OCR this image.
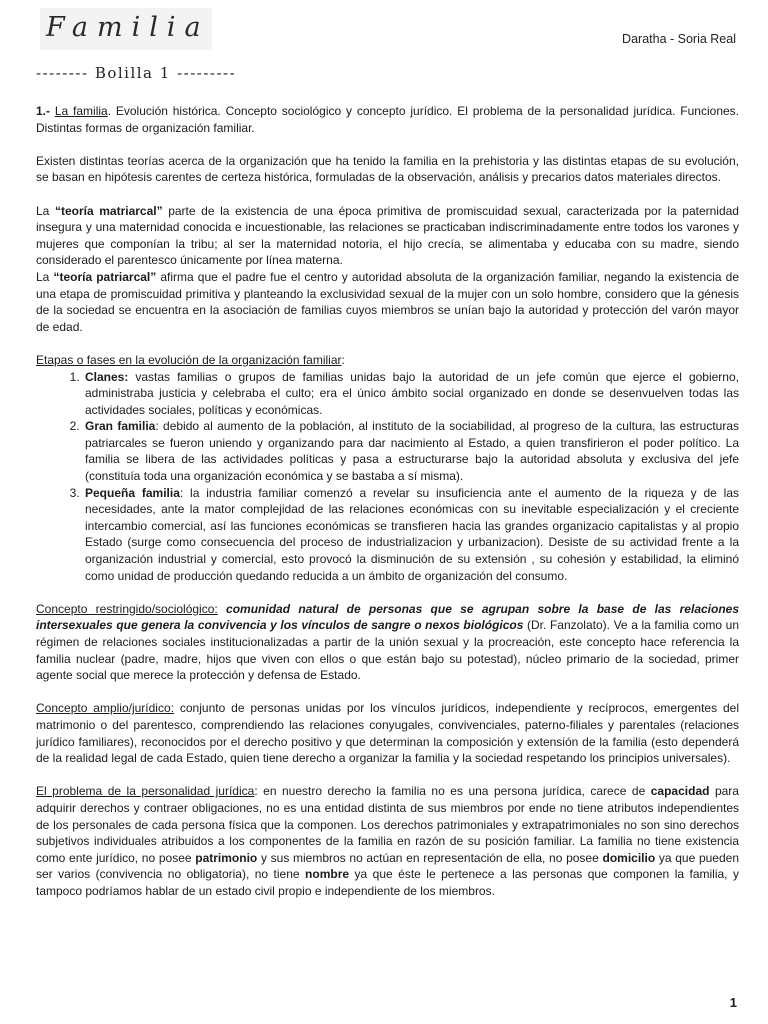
Familia	Daratha - Soria Real
-------- Bolilla 1 ---------

1.- La familia. Evolución histórica. Concepto sociológico y concepto jurídico. El problema de la personalidad jurídica. Funciones. Distintas formas de organización familiar.

Existen distintas teorías acerca de la organización que ha tenido la familia en la prehistoria y las distintas etapas de su evolución, se basan en hipótesis carentes de certeza histórica, formuladas de la observación, análisis y precarios datos materiales directos.

La “teoría matriarcal” parte de la existencia de una época primitiva de promiscuidad sexual, caracterizada por la paternidad insegura y una maternidad conocida e incuestionable, las relaciones se practicaban indiscriminadamente entre todos los varones y mujeres que componían la tribu; al ser la maternidad notoria, el hijo crecía, se alimentaba y educaba con su madre, siendo considerado el parentesco únicamente por línea materna.

La “teoría patriarcal” afirma que el padre fue el centro y autoridad absoluta de la organización familiar, negando la existencia de una etapa de promiscuidad primitiva y planteando la exclusividad sexual de la mujer con un solo hombre, considero que la génesis de la sociedad se encuentra en la asociación de familias cuyos miembros se unían bajo la autoridad y protección del varón mayor de edad.

Etapas o fases en la evolución de la organización familiar:

1. Clanes: vastas familias o grupos de familias unidas bajo la autoridad de un jefe común que ejerce el gobierno, administraba justicia y celebraba el culto; era el único ámbito social organizado en donde se desenvuelven todas las actividades sociales, políticas y económicas.
2. Gran familia: debido al aumento de la población, al instituto de la sociabilidad, al progreso de la cultura, las estructuras patriarcales se fueron uniendo y organizando para dar nacimiento al Estado, a quien transfirieron el poder político. La familia se libera de las actividades políticas y pasa a estructurarse bajo la autoridad absoluta y exclusiva del jefe (constituía toda una organización económica y se bastaba a sí misma).
3. Pequeña familia: la industria familiar comenzó a revelar su insuficiencia ante el aumento de la riqueza y de las necesidades, ante la mator complejidad de las relaciones económicas con su inevitable especialización y el creciente intercambio comercial, así las funciones económicas se transfieren hacia las grandes organizacio capitalistas y al propio Estado (surge como consecuencia del proceso de industrializacion y urbanizacion). Desiste de su actividad frente a la organización industrial y comercial, esto provocó la disminución de su extensión , su cohesión y estabilidad, la eliminó como unidad de producción quedando reducida a un ámbito de organización del consumo.

Concepto restringido/sociológico: comunidad natural de personas que se agrupan sobre la base de las relaciones intersexuales que genera la convivencia y los vínculos de sangre o nexos biológicos (Dr. Fanzolato). Ve a la familia como un régimen de relaciones sociales institucionalizadas a partir de la unión sexual y la procreación, este concepto hace referencia la familia nuclear (padre, madre, hijos que viven con ellos o que están bajo su potestad), núcleo primario de la sociedad, primer agente social que merece la protección y defensa de Estado.

Concepto amplio/jurídico: conjunto de personas unidas por los vínculos jurídicos, independiente y recíprocos, emergentes del matrimonio o del parentesco, comprendiendo las relaciones conyugales, convivenciales, paterno-filiales y parentales (relaciones jurídico familiares), reconocidos por el derecho positivo y que determinan la composición y extensión de la familia (esto dependerá de la realidad legal de cada Estado, quien tiene derecho a organizar la familia y la sociedad respetando los principios universales).

El problema de la personalidad jurídica: en nuestro derecho la familia no es una persona jurídica, carece de capacidad para adquirir derechos y contraer obligaciones, no es una entidad distinta de sus miembros por ende no tiene atributos independientes de los personales de cada persona física que la componen. Los derechos patrimoniales y extrapatrimoniales no son sino derechos subjetivos individuales atribuidos a los componentes de la familia en razón de su posición familiar. La familia no tiene existencia como ente jurídico, no posee patrimonio y sus miembros no actúan en representación de ella, no posee domicilio ya que pueden ser varios (convivencia no obligatoria), no tiene nombre ya que éste le pertenece a las personas que componen la familia, y tampoco podríamos hablar de un estado civil propio e independiente de los miembros.

1
